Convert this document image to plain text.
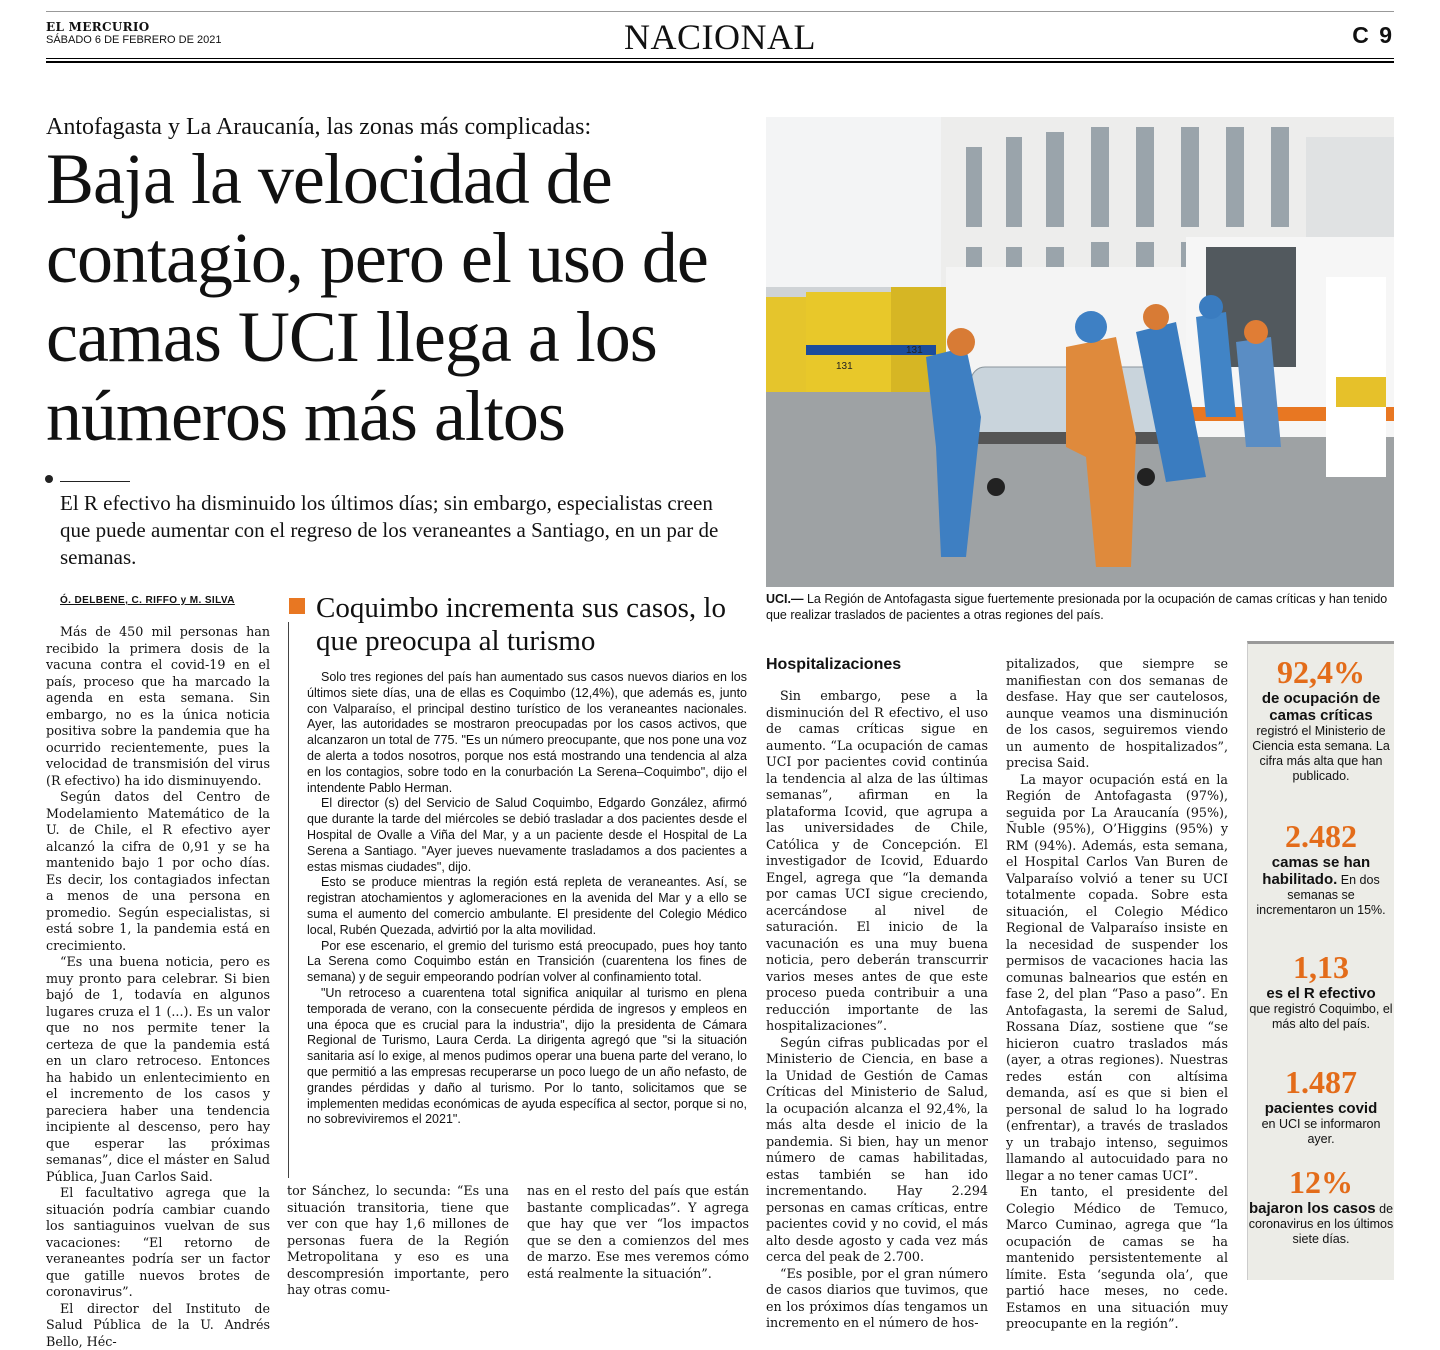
EL MERCURIO
SÁBADO 6 DE FEBRERO DE 2021	NACIONAL	C 9
Antofagasta y La Araucanía, las zonas más complicadas:
Baja la velocidad de contagio, pero el uso de camas UCI llega a los números más altos
El R efectivo ha disminuido los últimos días; sin embargo, especialistas creen que puede aumentar con el regreso de los veraneantes a Santiago, en un par de semanas.
131
131
UCI.— La Región de Antofagasta sigue fuertemente presionada por la ocupación de camas críticas y han tenido que realizar traslados de pacientes a otras regiones del país.
Ó. DELBENE, C. RIFFO y M. SILVA

Más de 450 mil personas han recibido la primera dosis de la vacuna contra el covid-19 en el país, proceso que ha marcado la agenda en esta semana. Sin embargo, no es la única noticia positiva sobre la pandemia que ha ocurrido recientemente, pues la velocidad de transmisión del virus (R efectivo) ha ido disminuyendo.

Según datos del Centro de Modelamiento Matemático de la U. de Chile, el R efectivo ayer alcanzó la cifra de 0,91 y se ha mantenido bajo 1 por ocho días. Es decir, los contagiados infectan a menos de una persona en promedio. Según especialistas, si está sobre 1, la pandemia está en crecimiento.

“Es una buena noticia, pero es muy pronto para celebrar. Si bien bajó de 1, todavía en algunos lugares cruza el 1 (...). Es un valor que no nos permite tener la certeza de que la pandemia está en un claro retroceso. Entonces ha habido un enlentecimiento en el incremento de los casos y pareciera haber una tendencia incipiente al descenso, pero hay que esperar las próximas semanas”, dice el máster en Salud Pública, Juan Carlos Said.

El facultativo agrega que la situación podría cambiar cuando los santiaguinos vuelvan de sus vacaciones: “El retorno de veraneantes podría ser un factor que gatille nuevos brotes de coronavirus”.

El director del Instituto de Salud Pública de la U. Andrés Bello, Héc-

Coquimbo incrementa sus casos, lo que preocupa al turismo

Solo tres regiones del país han aumentado sus casos nuevos diarios en los últimos siete días, una de ellas es Coquimbo (12,4%), que además es, junto con Valparaíso, el principal destino turístico de los veraneantes nacionales. Ayer, las autoridades se mostraron preocupadas por los casos activos, que alcanzaron un total de 775. "Es un número preocupante, que nos pone una voz de alerta a todos nosotros, porque nos está mostrando una tendencia al alza en los contagios, sobre todo en la conurbación La Serena–Coquimbo", dijo el intendente Pablo Herman.

El director (s) del Servicio de Salud Coquimbo, Edgardo González, afirmó que durante la tarde del miércoles se debió trasladar a dos pacientes desde el Hospital de Ovalle a Viña del Mar, y a un paciente desde el Hospital de La Serena a Santiago. "Ayer jueves nuevamente trasladamos a dos pacientes a estas mismas ciudades", dijo.

Esto se produce mientras la región está repleta de veraneantes. Así, se registran atochamientos y aglomeraciones en la avenida del Mar y a ello se suma el aumento del comercio ambulante. El presidente del Colegio Médico local, Rubén Quezada, advirtió por la alta movilidad.

Por ese escenario, el gremio del turismo está preocupado, pues hoy tanto La Serena como Coquimbo están en Transición (cuarentena los fines de semana) y de seguir empeorando podrían volver al confinamiento total.

"Un retroceso a cuarentena total significa aniquilar al turismo en plena temporada de verano, con la consecuente pérdida de ingresos y empleos en una época que es crucial para la industria", dijo la presidenta de Cámara Regional de Turismo, Laura Cerda. La dirigenta agregó que "si la situación sanitaria así lo exige, al menos pudimos operar una buena parte del verano, lo que permitió a las empresas recuperarse un poco luego de un año nefasto, de grandes pérdidas y daño al turismo. Por lo tanto, solicitamos que se implementen medidas económicas de ayuda específica al sector, porque si no, no sobreviviremos el 2021".

tor Sánchez, lo secunda: “Es una situación transitoria, tiene que ver con que hay 1,6 millones de personas fuera de la Región Metropolitana y eso es una descompresión importante, pero hay otras comu-

nas en el resto del país que están bastante complicadas”. Y agrega que hay que ver “los impactos que se den a comienzos del mes de marzo. Ese mes veremos cómo está realmente la situación”.

Hospitalizaciones

Sin embargo, pese a la disminución del R efectivo, el uso de camas críticas sigue en aumento. “La ocupación de camas UCI por pacientes covid continúa la tendencia al alza de las últimas semanas”, afirman en la plataforma Icovid, que agrupa a las universidades de Chile, Católica y de Concepción. El investigador de Icovid, Eduardo Engel, agrega que “la demanda por camas UCI sigue creciendo, acercándose al nivel de saturación. El inicio de la vacunación es una muy buena noticia, pero deberán transcurrir varios meses antes de que este proceso pueda contribuir a una reducción importante de las hospitalizaciones”.

Según cifras publicadas por el Ministerio de Ciencia, en base a la Unidad de Gestión de Camas Críticas del Ministerio de Salud, la ocupación alcanza el 92,4%, la más alta desde el inicio de la pandemia. Si bien, hay un menor número de camas habilitadas, estas también se han ido incrementando. Hay 2.294 personas en camas críticas, entre pacientes covid y no covid, el más alto desde agosto y cada vez más cerca del peak de 2.700.

“Es posible, por el gran número de casos diarios que tuvimos, que en los próximos días tengamos un incremento en el número de hos-

pitalizados, que siempre se manifiestan con dos semanas de desfase. Hay que ser cautelosos, aunque veamos una disminución de los casos, seguiremos viendo un aumento de hospitalizados”, precisa Said.

La mayor ocupación está en la Región de Antofagasta (97%), seguida por La Araucanía (95%), Ñuble (95%), O’Higgins (95%) y RM (94%). Además, esta semana, el Hospital Carlos Van Buren de Valparaíso volvió a tener su UCI totalmente copada. Sobre esta situación, el Colegio Médico Regional de Valparaíso insiste en la necesidad de suspender los permisos de vacaciones hacia las comunas balnearios que estén en fase 2, del plan “Paso a paso”. En Antofagasta, la seremi de Salud, Rossana Díaz, sostiene que “se hicieron cuatro traslados más (ayer, a otras regiones). Nuestras redes están con altísima demanda, así es que si bien el personal de salud lo ha logrado (enfrentar), a través de traslados y un trabajo intenso, seguimos llamando al autocuidado para no llegar a no tener camas UCI”.

En tanto, el presidente del Colegio Médico de Temuco, Marco Cuminao, agrega que “la ocupación de camas se ha mantenido persistentemente al límite. Esta ‘segunda ola’, que partió hace meses, no cede. Estamos en una situación muy preocupante en la región”.

92,4%
de ocupación de camas críticas
registró el Ministerio de Ciencia esta semana. La cifra más alta que han publicado.
2.482
camas se han habilitado. En dos semanas se incrementaron un 15%.
1,13
es el R efectivo
que registró Coquimbo, el más alto del país.
1.487
pacientes covid
en UCI se informaron ayer.
12%
bajaron los casos de coronavirus en los últimos siete días.
